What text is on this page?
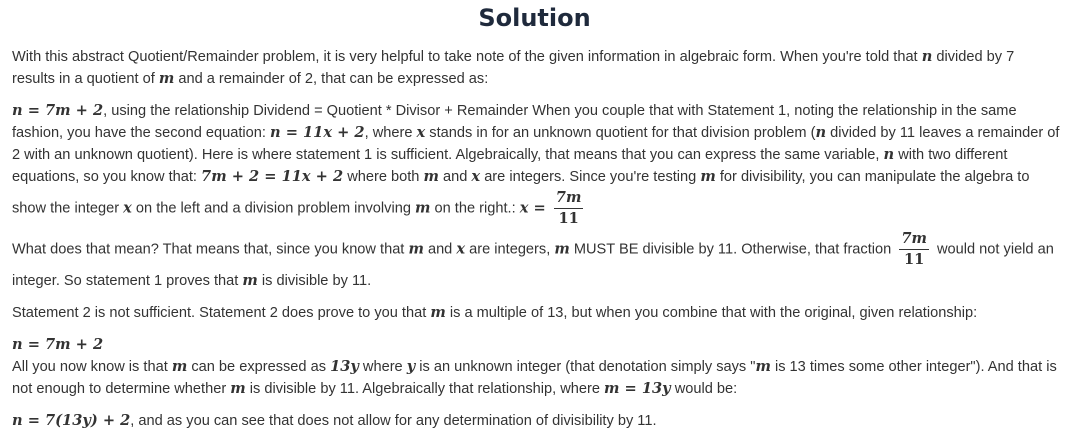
Solution

With this abstract Quotient/Remainder problem, it is very helpful to take note of the given information in algebraic form. When you're told that n divided by 7 results in a quotient of m and a remainder of 2, that can be expressed as:

n = 7m + 2, using the relationship Dividend = Quotient * Divisor + Remainder When you couple that with Statement 1, noting the relationship in the same fashion, you have the second equation: n = 11x + 2, where x stands in for an unknown quotient for that division problem (n divided by 11 leaves a remainder of 2 with an unknown quotient). Here is where statement 1 is sufficient. Algebraically, that means that you can express the same variable, n with two different equations, so you know that: 7m + 2 = 11x + 2 where both m and x are integers. Since you're testing m for divisibility, you can manipulate the algebra to show the integer x on the left and a division problem involving m on the right.: $x = \frac{7m}{11}$

What does that mean? That means that, since you know that m and x are integers, m MUST BE divisible by 11. Otherwise, that fraction $\frac{7m}{11}$ would not yield an integer. So statement 1 proves that m is divisible by 11.

Statement 2 is not sufficient. Statement 2 does prove to you that m is a multiple of 13, but when you combine that with the original, given relationship:

n = 7m + 2

All you now know is that m can be expressed as 13y where y is an unknown integer (that denotation simply says "m is 13 times some other integer"). And that is not enough to determine whether m is divisible by 11. Algebraically that relationship, where m = 13y would be:

n = 7(13y) + 2, and as you can see that does not allow for any determination of divisibility by 11.
